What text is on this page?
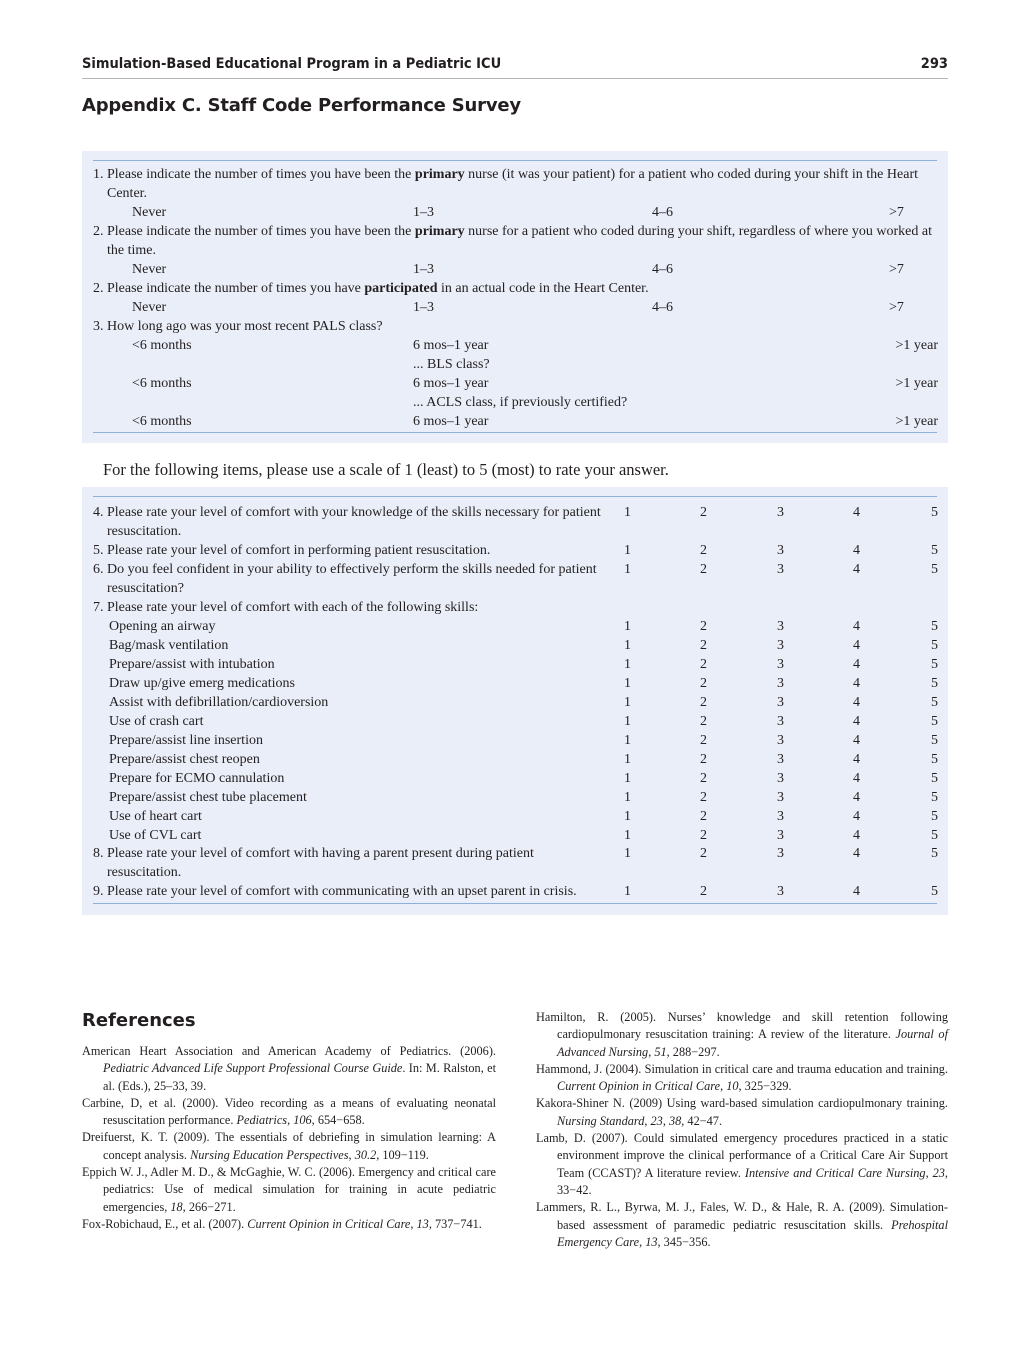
Simulation-Based Educational Program in a Pediatric ICU	293
Appendix C. Staff Code Performance Survey
1. Please indicate the number of times you have been the primary nurse (it was your patient) for a patient who coded during your shift in the Heart Center.
Never	1–3	4–6	>7
2. Please indicate the number of times you have been the primary nurse for a patient who coded during your shift, regardless of where you worked at the time.
Never	1–3	4–6	>7
2. Please indicate the number of times you have participated in an actual code in the Heart Center.
Never	1–3	4–6	>7
3. How long ago was your most recent PALS class?
<6 months	6 mos–1 year	>1 year
... BLS class?
<6 months	6 mos–1 year	>1 year
... ACLS class, if previously certified?
<6 months	6 mos–1 year	>1 year
For the following items, please use a scale of 1 (least) to 5 (most) to rate your answer.
4. Please rate your level of comfort with your knowledge of the skills necessary for patient resuscitation.
1	2	3	4	5
5. Please rate your level of comfort in performing patient resuscitation.	1	2	3	4	5
6. Do you feel confident in your ability to effectively perform the skills needed for patient resuscitation?
1	2	3	4	5
7. Please rate your level of comfort with each of the following skills:
Opening an airway	1	2	3	4	5
Bag/mask ventilation	1	2	3	4	5
Prepare/assist with intubation	1	2	3	4	5
Draw up/give emerg medications	1	2	3	4	5
Assist with defibrillation/cardioversion	1	2	3	4	5
Use of crash cart	1	2	3	4	5
Prepare/assist line insertion	1	2	3	4	5
Prepare/assist chest reopen	1	2	3	4	5
Prepare for ECMO cannulation	1	2	3	4	5
Prepare/assist chest tube placement	1	2	3	4	5
Use of heart cart	1	2	3	4	5
Use of CVL cart	1	2	3	4	5
8. Please rate your level of comfort with having a parent present during patient resuscitation.
1	2	3	4	5
9. Please rate your level of comfort with communicating with an upset parent in crisis.	1	2	3	4	5
References

American Heart Association and American Academy of Pediatrics. (2006). Pediatric Advanced Life Support Professional Course Guide. In: M. Ralston, et al. (Eds.), 25–33, 39.

Carbine, D, et al. (2000). Video recording as a means of evaluating neonatal resuscitation performance. Pediatrics, 106, 654−658.

Dreifuerst, K. T. (2009). The essentials of debriefing in simulation learning: A concept analysis. Nursing Education Perspectives, 30.2, 109−119.

Eppich W. J., Adler M. D., & McGaghie, W. C. (2006). Emergency and critical care pediatrics: Use of medical simulation for training in acute pediatric emergencies, 18, 266−271.

Fox-Robichaud, E., et al. (2007). Current Opinion in Critical Care, 13, 737−741.

Hamilton, R. (2005). Nurses’ knowledge and skill retention following cardiopulmonary resuscitation training: A review of the literature. Journal of Advanced Nursing, 51, 288−297.

Hammond, J. (2004). Simulation in critical care and trauma education and training. Current Opinion in Critical Care, 10, 325−329.

Kakora-Shiner N. (2009) Using ward-based simulation cardiopulmonary training. Nursing Standard, 23, 38, 42−47.

Lamb, D. (2007). Could simulated emergency procedures practiced in a static environment improve the clinical performance of a Critical Care Air Support Team (CCAST)? A literature review. Intensive and Critical Care Nursing, 23, 33−42.

Lammers, R. L., Byrwa, M. J., Fales, W. D., & Hale, R. A. (2009). Simulation-based assessment of paramedic pediatric resuscitation skills. Prehospital Emergency Care, 13, 345−356.
